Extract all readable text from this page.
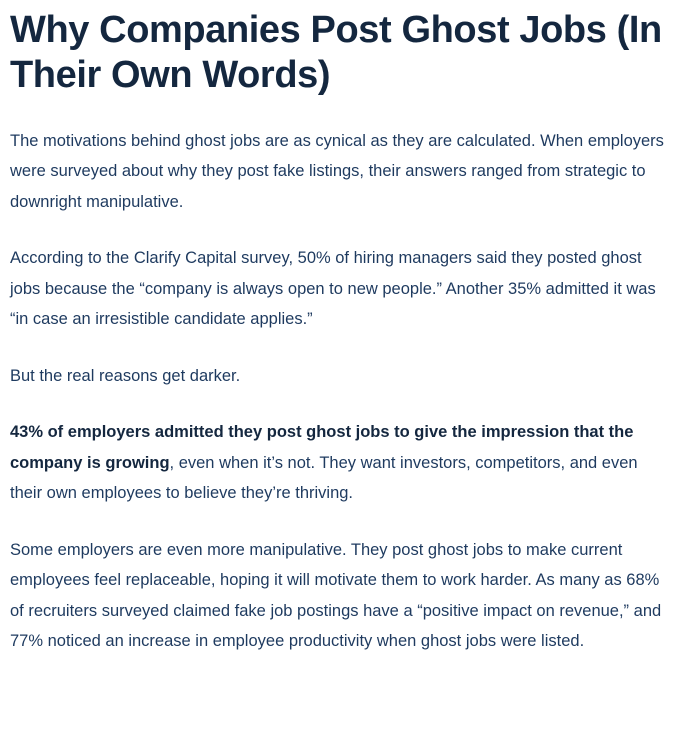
Why Companies Post Ghost Jobs (In Their Own Words)

The motivations behind ghost jobs are as cynical as they are calculated. When employers were surveyed about why they post fake listings, their answers ranged from strategic to downright manipulative.

According to the Clarify Capital survey, 50% of hiring managers said they posted ghost jobs because the “company is always open to new people.” Another 35% admitted it was “in case an irresistible candidate applies.”

But the real reasons get darker.

43% of employers admitted they post ghost jobs to give the impression that the company is growing, even when it’s not. They want investors, competitors, and even their own employees to believe they’re thriving.

Some employers are even more manipulative. They post ghost jobs to make current employees feel replaceable, hoping it will motivate them to work harder. As many as 68% of recruiters surveyed claimed fake job postings have a “positive impact on revenue,” and 77% noticed an increase in employee productivity when ghost jobs were listed.
